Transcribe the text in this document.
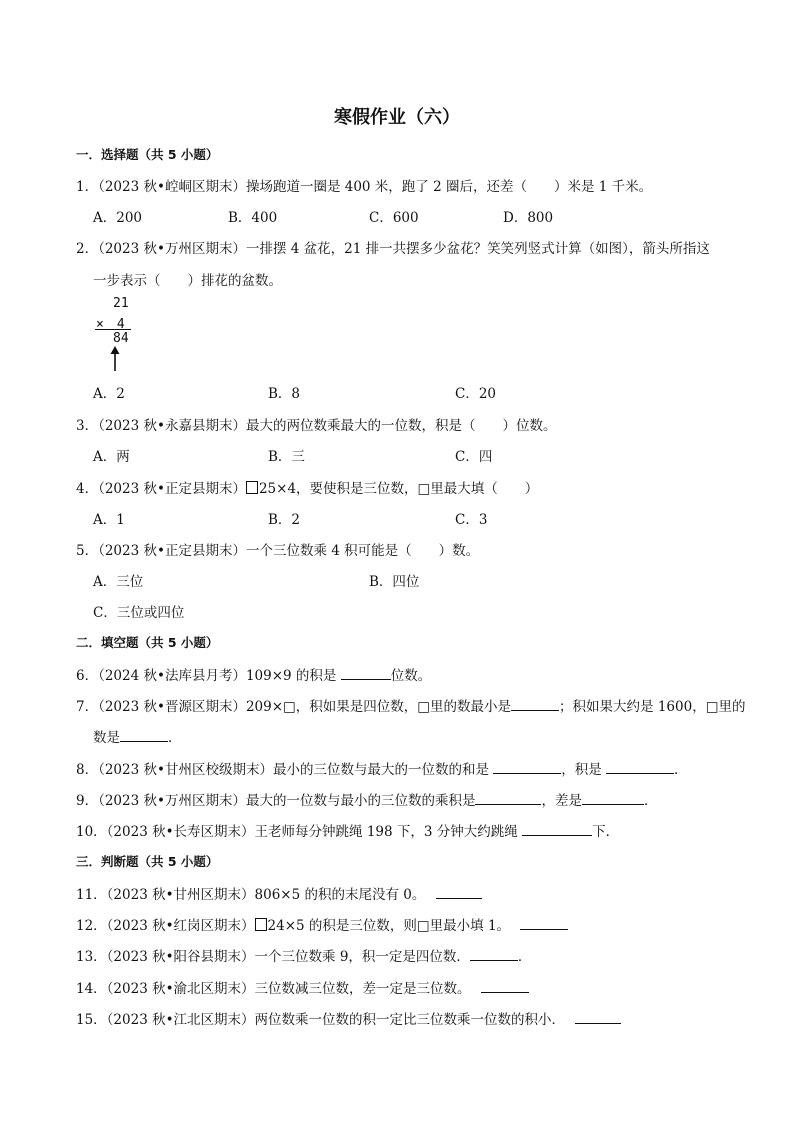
寒假作业（六）
一．选择题（共 5 小题）
1．（2023 秋•崆峒区期末）操场跑道一圈是 400 米，跑了 2 圈后，还差（　　）米是 1 千米。
A．200	B．400	C．600	D．800
2．（2023 秋•万州区期末）一排摆 4 盆花，21 排一共摆多少盆花？笑笑列竖式计算（如图），箭头所指这
一步表示（　　）排花的盆数。
21
×　4
84
A．2	B．8	C．20
3．（2023 秋•永嘉县期末）最大的两位数乘最大的一位数，积是（　　）位数。
A．两	B．三	C．四
4．（2023 秋•正定县期末） 25×4，要使积是三位数，□里最大填（　　）
A．1	B．2	C．3
5．（2023 秋•正定县期末）一个三位数乘 4 积可能是（　　）数。
A．三位	B．四位
C．三位或四位
二．填空题（共 5 小题）
6．（2024 秋•法库县月考）109×9 的积是	位数。
7．（2023 秋•晋源区期末）209×□，积如果是四位数，□里的数最小是	；积如果大约是 1600，□里的
数是	．
8．（2023 秋•甘州区校级期末）最小的三位数与最大的一位数的和是	，积是	．
9．（2023 秋•万州区期末）最大的一位数与最小的三位数的乘积是	，差是	．
10．（2023 秋•长寿区期末）王老师每分钟跳绳 198 下，3 分钟大约跳绳	下．
三．判断题（共 5 小题）
11．（2023 秋•甘州区期末）806×5 的积的末尾没有 0。
12．（2023 秋•红岗区期末） 24×5 的积是三位数，则□里最小填 1。
13．（2023 秋•阳谷县期末）一个三位数乘 9，积一定是四位数．	．
14．（2023 秋•渝北区期末）三位数减三位数，差一定是三位数。
15．（2023 秋•江北区期末）两位数乘一位数的积一定比三位数乘一位数的积小．
